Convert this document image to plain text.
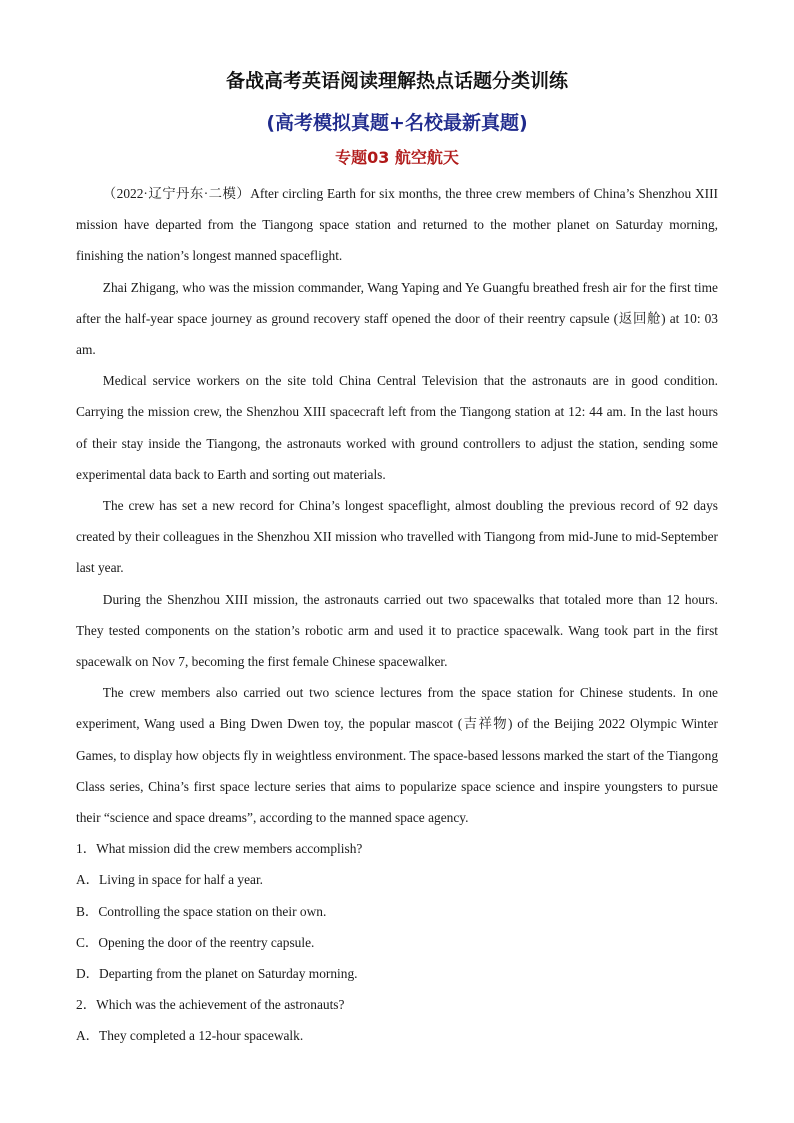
备战高考英语阅读理解热点话题分类训练
(高考模拟真题+名校最新真题)
专题03 航空航天

（2022·辽宁丹东·二模）After circling Earth for six months, the three crew members of China’s Shenzhou XIII mission have departed from the Tiangong space station and returned to the mother planet on Saturday morning, finishing the nation’s longest manned spaceflight.

Zhai Zhigang, who was the mission commander, Wang Yaping and Ye Guangfu breathed fresh air for the first time after the half-year space journey as ground recovery staff opened the door of their reentry capsule (返回舱) at 10: 03 am.

Medical service workers on the site told China Central Television that the astronauts are in good condition. Carrying the mission crew, the Shenzhou XIII spacecraft left from the Tiangong station at 12: 44 am. In the last hours of their stay inside the Tiangong, the astronauts worked with ground controllers to adjust the station, sending some experimental data back to Earth and sorting out materials.

The crew has set a new record for China’s longest spaceflight, almost doubling the previous record of 92 days created by their colleagues in the Shenzhou XII mission who travelled with Tiangong from mid-June to mid-September last year.

During the Shenzhou XIII mission, the astronauts carried out two spacewalks that totaled more than 12 hours. They tested components on the station’s robotic arm and used it to practice spacewalk. Wang took part in the first spacewalk on Nov 7, becoming the first female Chinese spacewalker.

The crew members also carried out two science lectures from the space station for Chinese students. In one experiment, Wang used a Bing Dwen Dwen toy, the popular mascot (吉祥物) of the Beijing 2022 Olympic Winter Games, to display how objects fly in weightless environment. The space-based lessons marked the start of the Tiangong Class series, China’s first space lecture series that aims to popularize space science and inspire youngsters to pursue their “science and space dreams”, according to the manned space agency.

1．What mission did the crew members accomplish?
A．Living in space for half a year.
B．Controlling the space station on their own.
C．Opening the door of the reentry capsule.
D．Departing from the planet on Saturday morning.
2．Which was the achievement of the astronauts?
A．They completed a 12-hour spacewalk.
